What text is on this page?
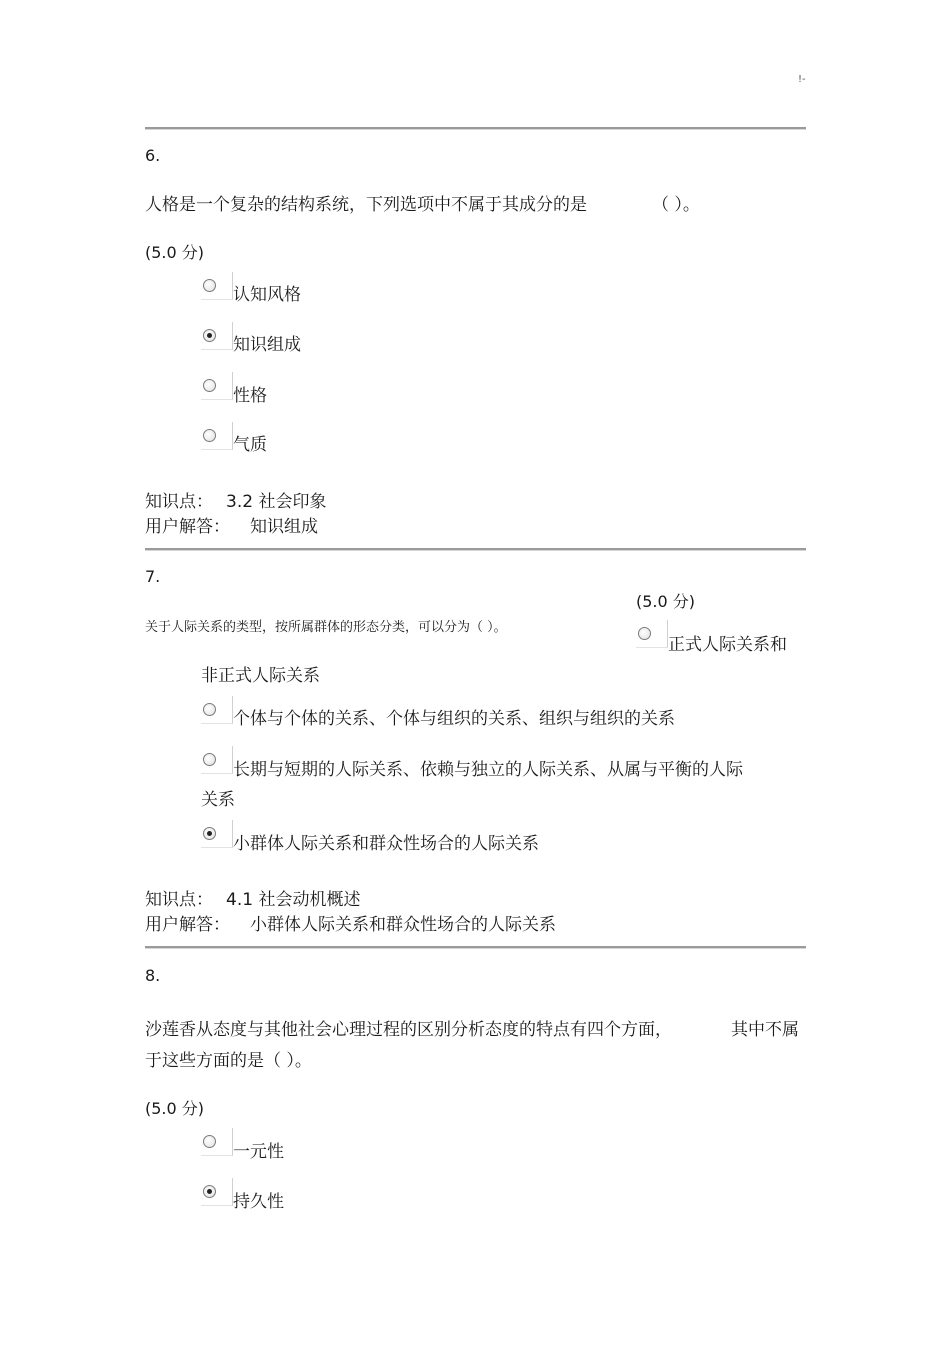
!-
6.
人格是一个复杂的结构系统，下列选项中不属于其成分的是	（ ）。
(5.0 分)
认知风格
知识组成
性格
气质
知识点： 3.2 社会印象
用户解答： 知识组成
7.
(5.0 分)
关于人际关系的类型，按所属群体的形态分类，可以分为（ ）。
正式人际关系和
非正式人际关系
个体与个体的关系、个体与组织的关系、组织与组织的关系
长期与短期的人际关系、依赖与独立的人际关系、从属与平衡的人际
关系
小群体人际关系和群众性场合的人际关系
知识点： 4.1 社会动机概述
用户解答： 小群体人际关系和群众性场合的人际关系
8.
沙莲香从态度与其他社会心理过程的区别分析态度的特点有四个方面，	其中不属
于这些方面的是（ ）。
(5.0 分)
一元性
持久性
